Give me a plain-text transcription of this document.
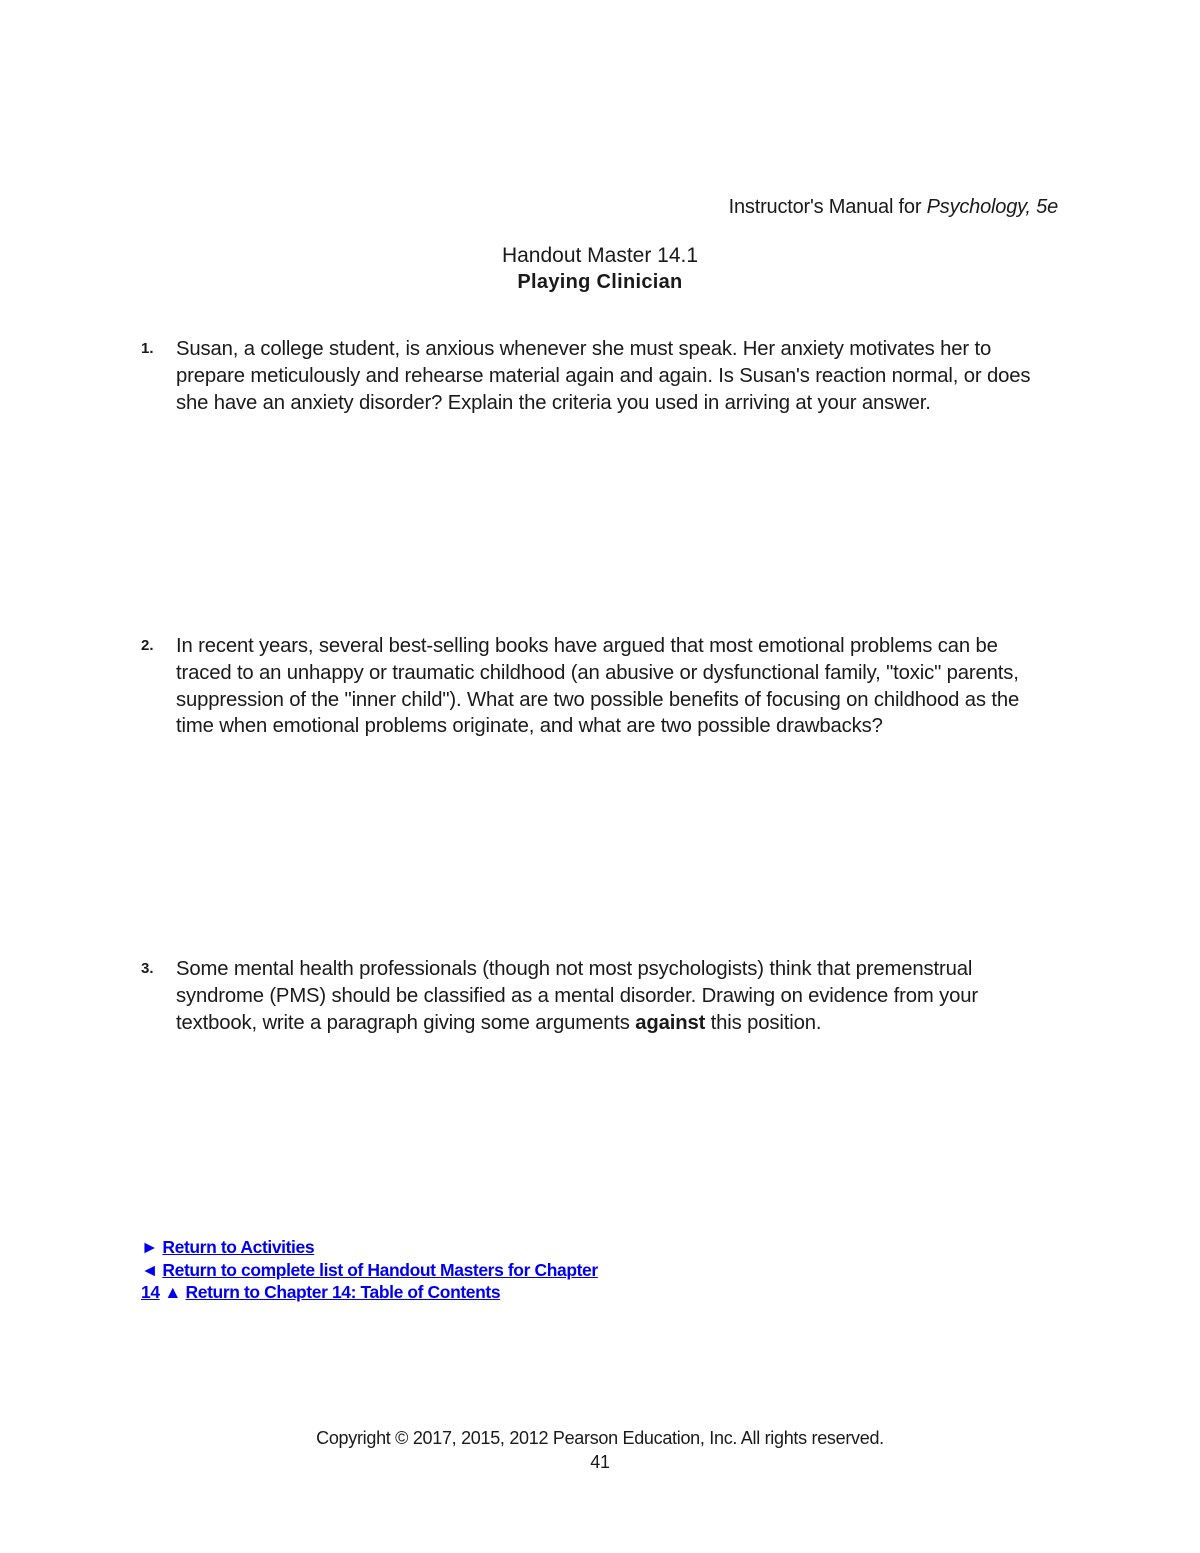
Instructor's Manual for Psychology, 5e
Handout Master 14.1
Playing Clinician
1. Susan, a college student, is anxious whenever she must speak. Her anxiety motivates her to prepare meticulously and rehearse material again and again. Is Susan's reaction normal, or does she have an anxiety disorder? Explain the criteria you used in arriving at your answer.
2. In recent years, several best-selling books have argued that most emotional problems can be traced to an unhappy or traumatic childhood (an abusive or dysfunctional family, "toxic" parents, suppression of the "inner child"). What are two possible benefits of focusing on childhood as the time when emotional problems originate, and what are two possible drawbacks?
3. Some mental health professionals (though not most psychologists) think that premenstrual syndrome (PMS) should be classified as a mental disorder. Drawing on evidence from your textbook, write a paragraph giving some arguments against this position.
► Return to Activities
◄ Return to complete list of Handout Masters for Chapter
14 ▲ Return to Chapter 14: Table of Contents
Copyright © 2017, 2015, 2012 Pearson Education, Inc. All rights reserved.
41
